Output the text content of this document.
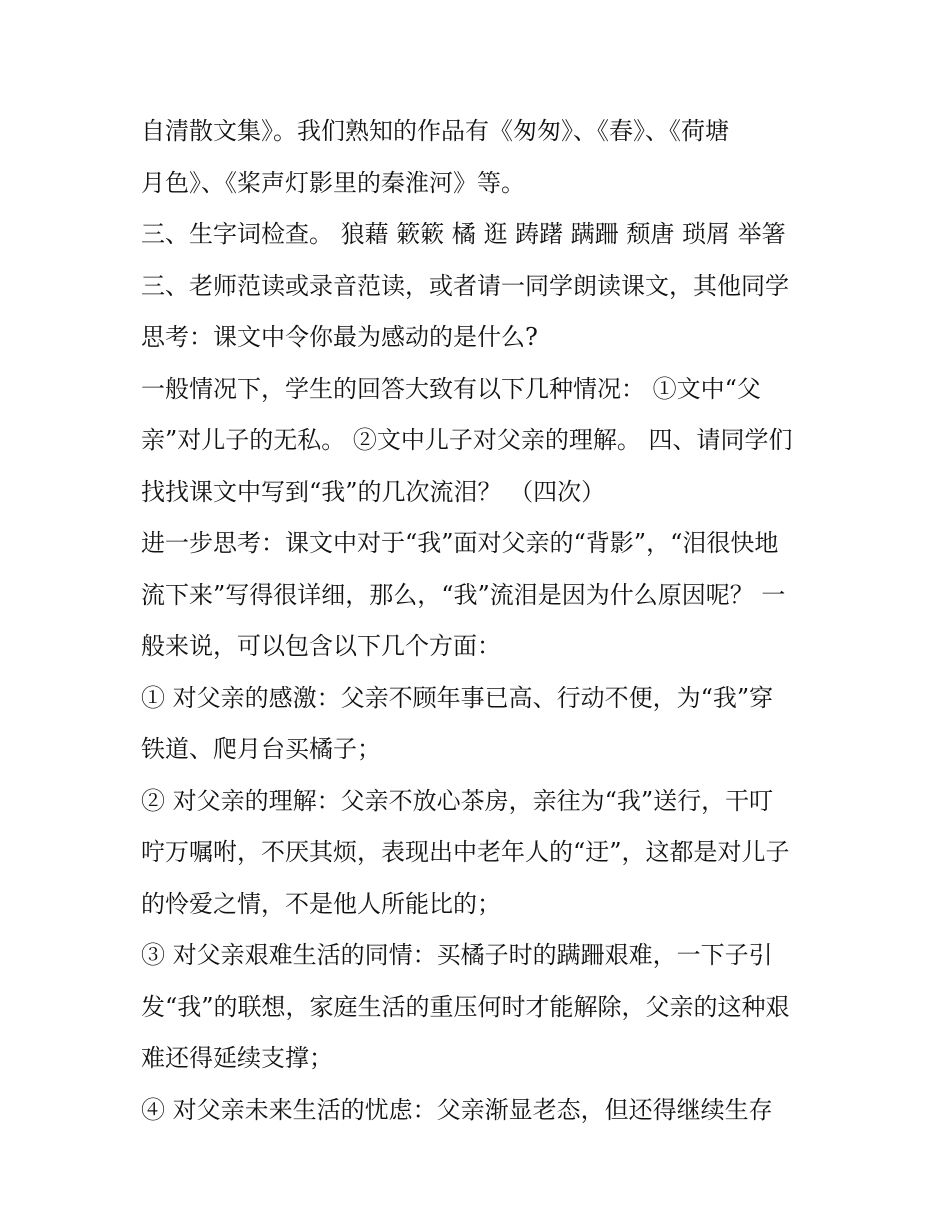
自清散文集》。我们熟知的作品有《匆匆》、《春》、《荷塘

月色》、《桨声灯影里的秦淮河》等。

三、生字词检查。 狼藉 簌簌 橘 逛 踌躇 蹒跚 颓唐 琐屑 举箸

三、老师范读或录音范读，或者请一同学朗读课文，其他同学

思考：课文中令你最为感动的是什么?

一般情况下，学生的回答大致有以下几种情况： ①文中“父

亲”对儿子的无私。 ②文中儿子对父亲的理解。 四、请同学们

找找课文中写到“我”的几次流泪？ （四次）

进一步思考：课文中对于“我”面对父亲的“背影”，“泪很快地

流下来”写得很详细，那么，“我”流泪是因为什么原因呢？ 一

般来说，可以包含以下几个方面：

① 对父亲的感激：父亲不顾年事已高、行动不便，为“我”穿

铁道、爬月台买橘子；

② 对父亲的理解：父亲不放心茶房，亲往为“我”送行，干叮

咛万嘱咐，不厌其烦，表现出中老年人的“迂”，这都是对儿子

的怜爱之情，不是他人所能比的；

③ 对父亲艰难生活的同情：买橘子时的蹒跚艰难，一下子引

发“我”的联想，家庭生活的重压何时才能解除，父亲的这种艰

难还得延续支撑；

④ 对父亲未来生活的忧虑：父亲渐显老态，但还得继续生存
